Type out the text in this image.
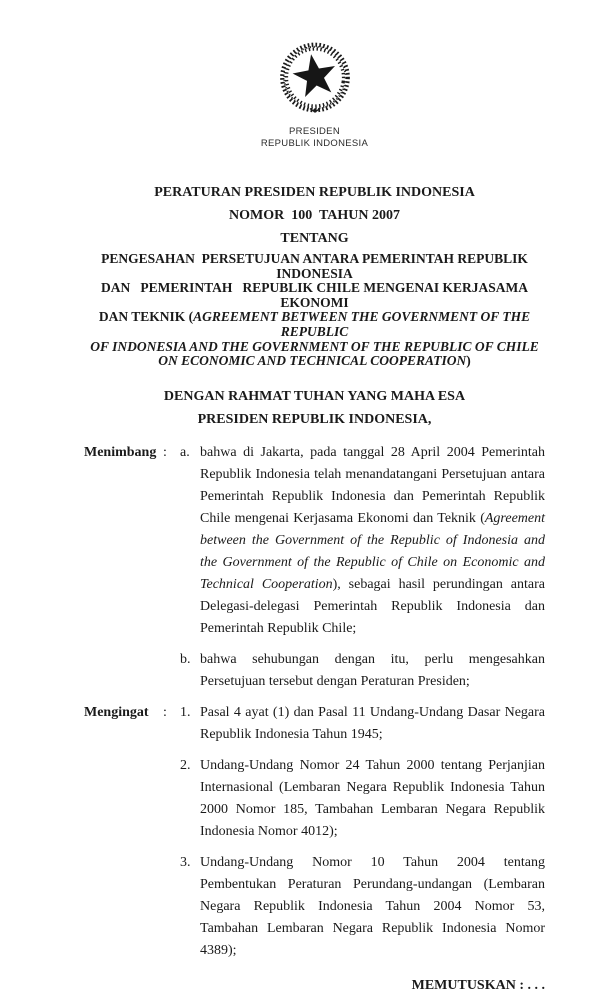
PRESIDEN
REPUBLIK INDONESIA
PERATURAN PRESIDEN REPUBLIK INDONESIA
NOMOR  100  TAHUN 2007
TENTANG
PENGESAHAN  PERSETUJUAN ANTARA PEMERINTAH REPUBLIK
INDONESIA
DAN   PEMERINTAH   REPUBLIK CHILE MENGENAI KERJASAMA
EKONOMI
DAN TEKNIK (AGREEMENT BETWEEN THE GOVERNMENT OF THE
REPUBLIC
OF INDONESIA AND THE GOVERNMENT OF THE REPUBLIC OF CHILE
ON ECONOMIC AND TECHNICAL COOPERATION)
DENGAN RAHMAT TUHAN YANG MAHA ESA
PRESIDEN REPUBLIK INDONESIA,
Menimbang : a. bahwa di Jakarta, pada tanggal 28 April 2004 Pemerintah Republik Indonesia telah menandatangani Persetujuan antara Pemerintah Republik Indonesia dan Pemerintah Republik Chile mengenai Kerjasama Ekonomi dan Teknik (Agreement between the Government of the Republic of Indonesia and the Government of the Republic of Chile on Economic and Technical Cooperation), sebagai hasil perundingan antara Delegasi-delegasi Pemerintah Republik Indonesia dan Pemerintah Republik Chile;
b. bahwa sehubungan dengan itu, perlu mengesahkan Persetujuan tersebut dengan Peraturan Presiden;
Mengingat	: 1. Pasal 4 ayat (1) dan Pasal 11 Undang-Undang Dasar Negara Republik Indonesia Tahun 1945;
2. Undang-Undang Nomor 24 Tahun 2000 tentang Perjanjian Internasional (Lembaran Negara Republik Indonesia Tahun 2000 Nomor 185, Tambahan Lembaran Negara Republik Indonesia Nomor 4012);
3. Undang-Undang Nomor 10 Tahun 2004 tentang Pembentukan Peraturan Perundang-undangan (Lembaran Negara Republik Indonesia Tahun 2004 Nomor 53, Tambahan Lembaran Negara Republik Indonesia Nomor 4389);
MEMUTUSKAN : . . .
